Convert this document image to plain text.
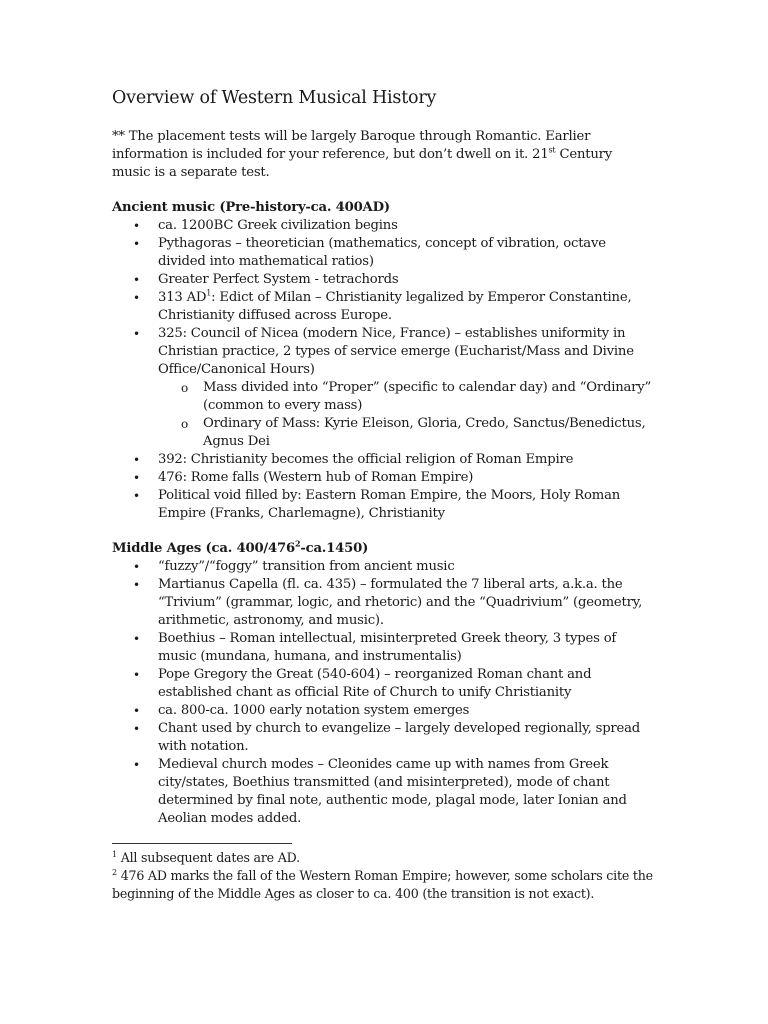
Overview of Western Musical History

** The placement tests will be largely Baroque through Romantic. Earlier information is included for your reference, but don’t dwell on it. 21st Century music is a separate test.

Ancient music (Pre-history-ca. 400AD)
• ca. 1200BC Greek civilization begins
• Pythagoras – theoretician (mathematics, concept of vibration, octave divided into mathematical ratios)
• Greater Perfect System - tetrachords
• 313 $AD^1$: Edict of Milan – Christianity legalized by Emperor Constantine, Christianity diffused across Europe.
• 325: Council of Nicea (modern Nice, France) – establishes uniformity in Christian practice, 2 types of service emerge (Eucharist/Mass and Divine Office/Canonical Hours)
o Mass divided into “Proper” (specific to calendar day) and “Ordinary” (common to every mass)
o Ordinary of Mass: Kyrie Eleison, Gloria, Credo, Sanctus/Benedictus, Agnus Dei
• 392: Christianity becomes the official religion of Roman Empire
• 476: Rome falls (Western hub of Roman Empire)
• Political void filled by: Eastern Roman Empire, the Moors, Holy Roman Empire (Franks, Charlemagne), Christianity
Middle Ages (ca. $400/476^2-ca.1450$)
• “fuzzy”/“foggy” transition from ancient music
• Martianus Capella (fl. ca. 435) – formulated the 7 liberal arts, a.k.a. the “Trivium” (grammar, logic, and rhetoric) and the “Quadrivium” (geometry, arithmetic, astronomy, and music).
• Boethius – Roman intellectual, misinterpreted Greek theory, 3 types of music (mundana, humana, and instrumentalis)
• Pope Gregory the Great (540-604) – reorganized Roman chant and established chant as official Rite of Church to unify Christianity
• ca. 800-ca. 1000 early notation system emerges
• Chant used by church to evangelize – largely developed regionally, spread with notation.
• Medieval church modes – Cleonides came up with names from Greek city/states, Boethius transmitted (and misinterpreted), mode of chant determined by final note, authentic mode, plagal mode, later Ionian and Aeolian modes added.
$^1$ All subsequent dates are AD.
$^2$ 476 AD marks the fall of the Western Roman Empire; however, some scholars cite the beginning of the Middle Ages as closer to ca. 400 (the transition is not exact).
